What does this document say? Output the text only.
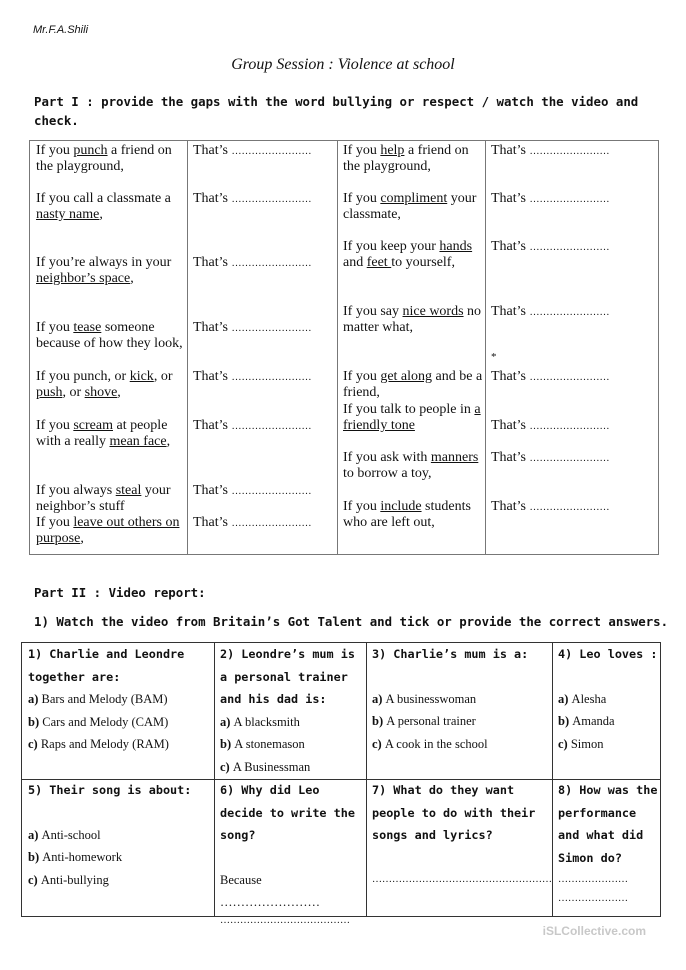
Mr.F.A.Shili
Group Session : Violence at school
Part I : provide the gaps with the word bullying or respect / watch the video and check.
If you punch a friend on the playground,
That’s ……………………
If you call a classmate a nasty name,
That’s ……………………
If you’re always in your neighbor’s space,
That’s ……………………
If you tease someone because of how they look,
That’s ……………………
If you punch, or kick, or push, or shove,
That’s ……………………
If you scream at people with a really mean face,
That’s ……………………
If you always steal your neighbor’s stuff
That’s ……………………
If you leave out others on purpose,
That’s ……………………
If you help a friend on the playground,
That’s ……………………
If you compliment your classmate,
That’s ……………………
If you keep your hands and feet to yourself,
That’s ……………………
If you say nice words no matter what,
That’s ……………………
If you get along and be a friend,
That’s ……………………
If you talk to people in a friendly tone	That’s ……………………
If you ask with manners to borrow a toy,
That’s ……………………
If you include students who are left out,
That’s ……………………
*
Part II : Video report:
1) Watch the video from Britain’s Got Talent and tick or provide the correct answers.
1) Charlie and Leondre together are:
a) Bars and Melody (BAM)
b) Cars and Melody (CAM)
c) Raps and Melody (RAM)
2) Leondre’s mum is a personal trainer and his dad is:
a) A blacksmith
b) A stonemason
c) A Businessman
3) Charlie’s mum is a:
a) A businesswoman
b) A personal trainer
c) A cook in the school
4) Leo loves :
a) Alesha
b) Amanda
c) Simon
5) Their song is about:
a) Anti-school
b) Anti-homework
c) Anti-bullying
6) Why did Leo decide to write the song?
Because ……………………
…………………………………
7) What do they want people to do with their songs and lyrics?
………………………………………………
8) How was the performance and what did Simon do?
…………………
…………………
iSLCollective.com
